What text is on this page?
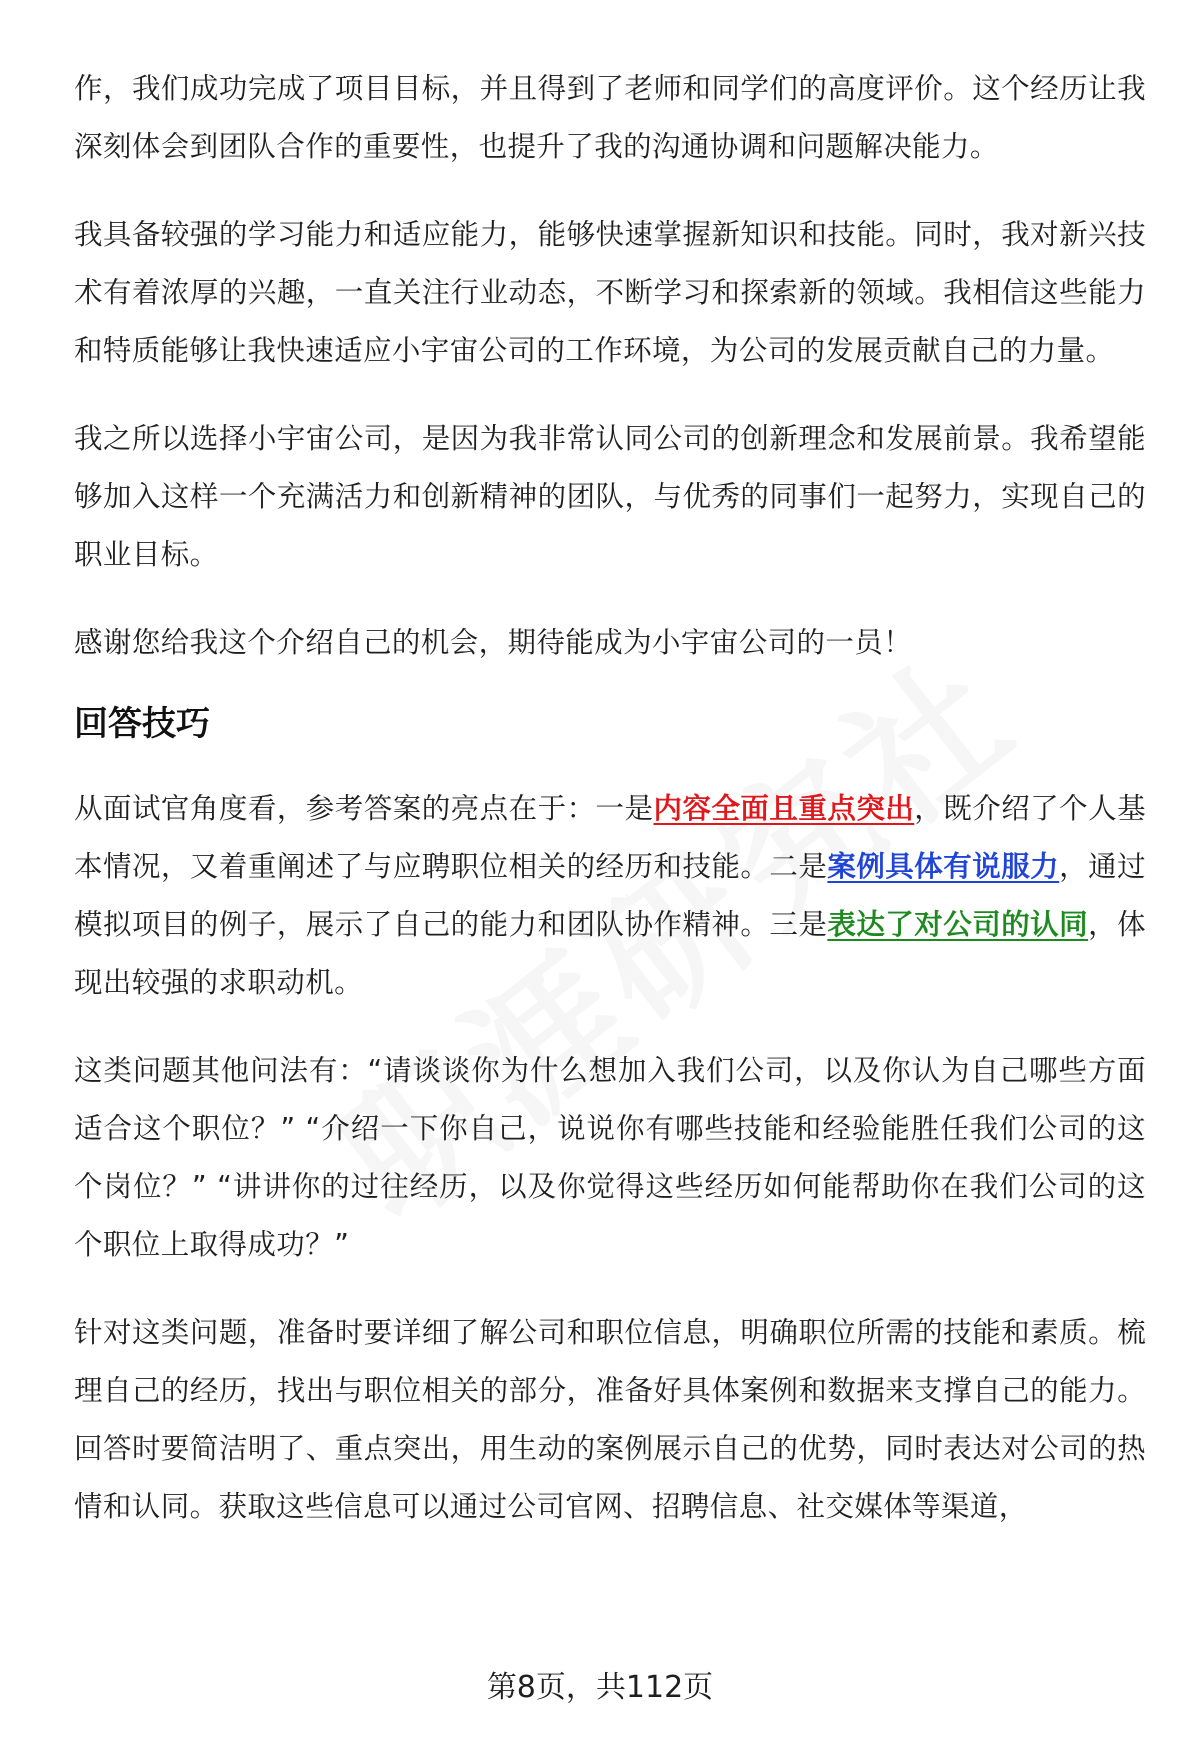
作，我们成功完成了项目目标，并且得到了老师和同学们的高度评价。这个经历让我深刻体会到团队合作的重要性，也提升了我的沟通协调和问题解决能力。

我具备较强的学习能力和适应能力，能够快速掌握新知识和技能。同时，我对新兴技术有着浓厚的兴趣，一直关注行业动态，不断学习和探索新的领域。我相信这些能力和特质能够让我快速适应小宇宙公司的工作环境，为公司的发展贡献自己的力量。

我之所以选择小宇宙公司，是因为我非常认同公司的创新理念和发展前景。我希望能够加入这样一个充满活力和创新精神的团队，与优秀的同事们一起努力，实现自己的职业目标。

感谢您给我这个介绍自己的机会，期待能成为小宇宙公司的一员！

回答技巧

从面试官角度看，参考答案的亮点在于：一是内容全面且重点突出，既介绍了个人基本情况，又着重阐述了与应聘职位相关的经历和技能。二是案例具体有说服力，通过模拟项目的例子，展示了自己的能力和团队协作精神。三是表达了对公司的认同，体现出较强的求职动机。

这类问题其他问法有：“请谈谈你为什么想加入我们公司，以及你认为自己哪些方面适合这个职位？” “介绍一下你自己，说说你有哪些技能和经验能胜任我们公司的这个岗位？” “讲讲你的过往经历，以及你觉得这些经历如何能帮助你在我们公司的这个职位上取得成功？”

针对这类问题，准备时要详细了解公司和职位信息，明确职位所需的技能和素质。梳理自己的经历，找出与职位相关的部分，准备好具体案例和数据来支撑自己的能力。回答时要简洁明了、重点突出，用生动的案例展示自己的优势，同时表达对公司的热情和认同。获取这些信息可以通过公司官网、招聘信息、社交媒体等渠道，

第8页，共112页
